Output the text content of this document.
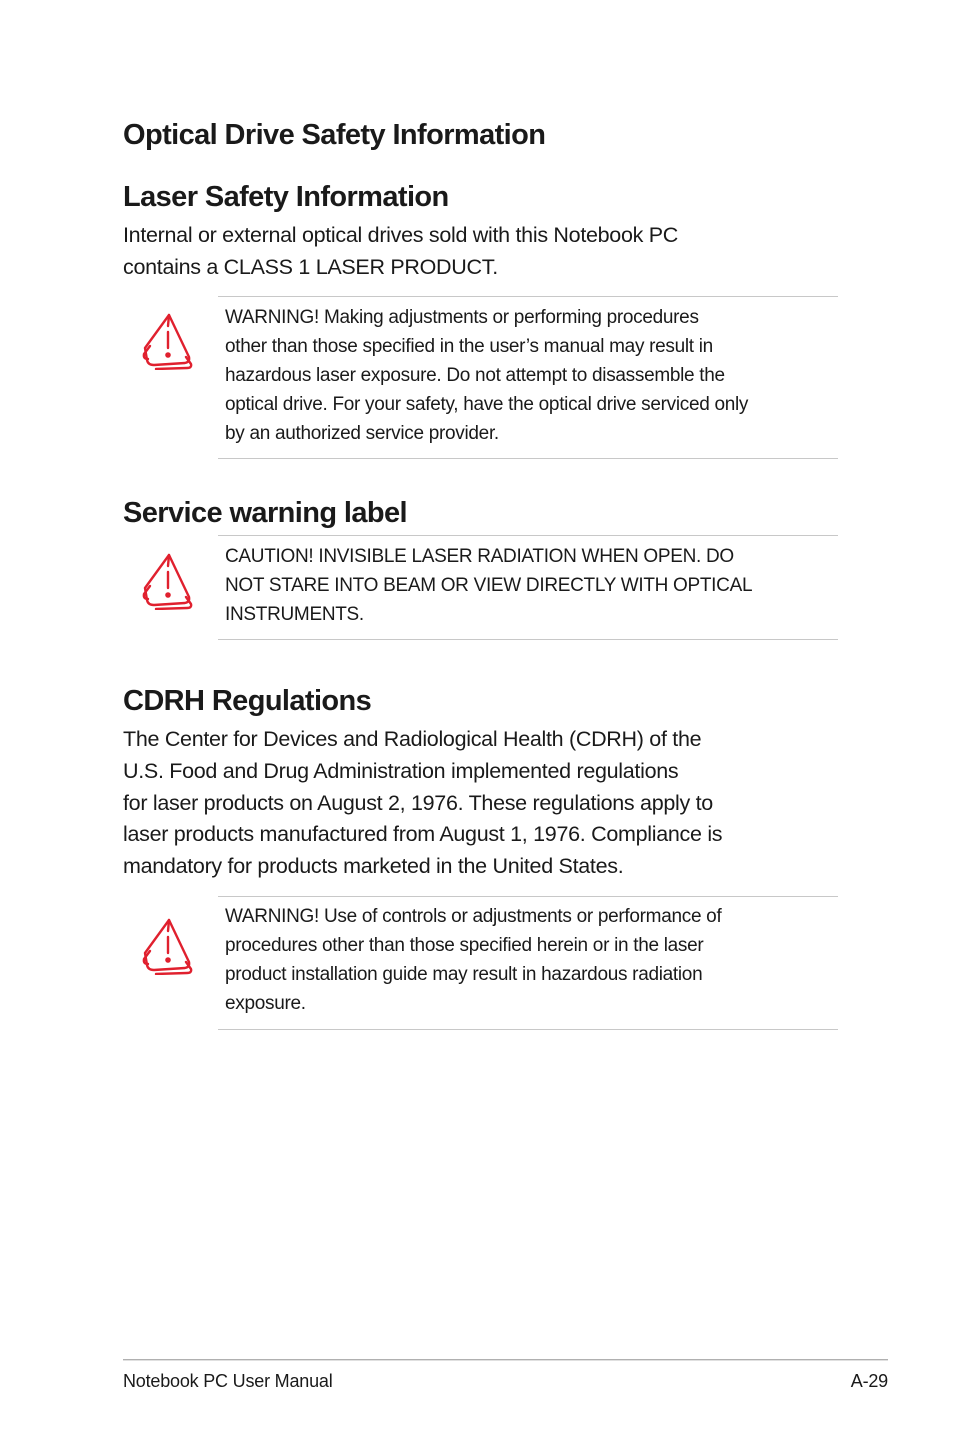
Optical Drive Safety Information
Laser Safety Information
Internal or external optical drives sold with this Notebook PC
contains a CLASS 1 LASER PRODUCT.
WARNING! Making adjustments or performing procedures
other than those specified in the user’s manual may result in
hazardous laser exposure. Do not attempt to disassemble the
optical drive. For your safety, have the optical drive serviced only
by an authorized service provider.
Service warning label
CAUTION! INVISIBLE LASER RADIATION WHEN OPEN. DO
NOT STARE INTO BEAM OR VIEW DIRECTLY WITH OPTICAL
INSTRUMENTS.
CDRH Regulations
The Center for Devices and Radiological Health (CDRH) of the
U.S. Food and Drug Administration implemented regulations
for laser products on August 2, 1976. These regulations apply to
laser products manufactured from August 1, 1976. Compliance is
mandatory for products marketed in the United States.
WARNING! Use of controls or adjustments or performance of
procedures other than those specified herein or in the laser
product installation guide may result in hazardous radiation
exposure.
Notebook PC User Manual	A-29
